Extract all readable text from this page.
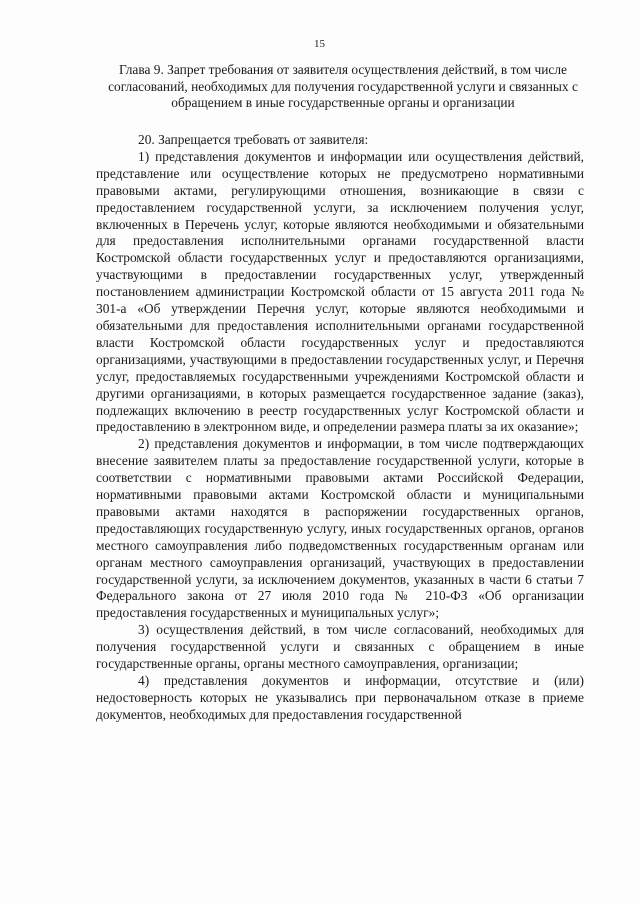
15
Глава 9. Запрет требования от заявителя осуществления действий, в том числе согласований, необходимых для получения государственной услуги и связанных с обращением в иные государственные органы и организации

20. Запрещается требовать от заявителя:

1) представления документов и информации или осуществления действий, представление или осуществление которых не предусмотрено нормативными правовыми актами, регулирующими отношения, возникающие в связи с предоставлением государственной услуги, за исключением получения услуг, включенных в Перечень услуг, которые являются необходимыми и обязательными для предоставления исполнительными органами государственной власти Костромской области государственных услуг и предоставляются организациями, участвующими в предоставлении государственных услуг, утвержденный постановлением администрации Костромской области от 15 августа 2011 года № 301-а «Об утверждении Перечня услуг, которые являются необходимыми и обязательными для предоставления исполнительными органами государственной власти Костромской области государственных услуг и предоставляются организациями, участвующими в предоставлении государственных услуг, и Перечня услуг, предоставляемых государственными учреждениями Костромской области и другими организациями, в которых размещается государственное задание (заказ), подлежащих включению в реестр государственных услуг Костромской области и предоставлению в электронном виде, и определении размера платы за их оказание»;

2) представления документов и информации, в том числе подтверждающих внесение заявителем платы за предоставление государственной услуги, которые в соответствии с нормативными правовыми актами Российской Федерации, нормативными правовыми актами Костромской области и муниципальными правовыми актами находятся в распоряжении государственных органов, предоставляющих государственную услугу, иных государственных органов, органов местного самоуправления либо подведомственных государственным органам или органам местного самоуправления организаций, участвующих в предоставлении государственной услуги, за исключением документов, указанных в части 6 статьи 7 Федерального закона от 27 июля 2010 года № 210-ФЗ «Об организации предоставления государственных и муниципальных услуг»;

3) осуществления действий, в том числе согласований, необходимых для получения государственной услуги и связанных с обращением в иные государственные органы, органы местного самоуправления, организации;

4) представления документов и информации, отсутствие и (или) недостоверность которых не указывались при первоначальном отказе в приеме документов, необходимых для предоставления государственной
